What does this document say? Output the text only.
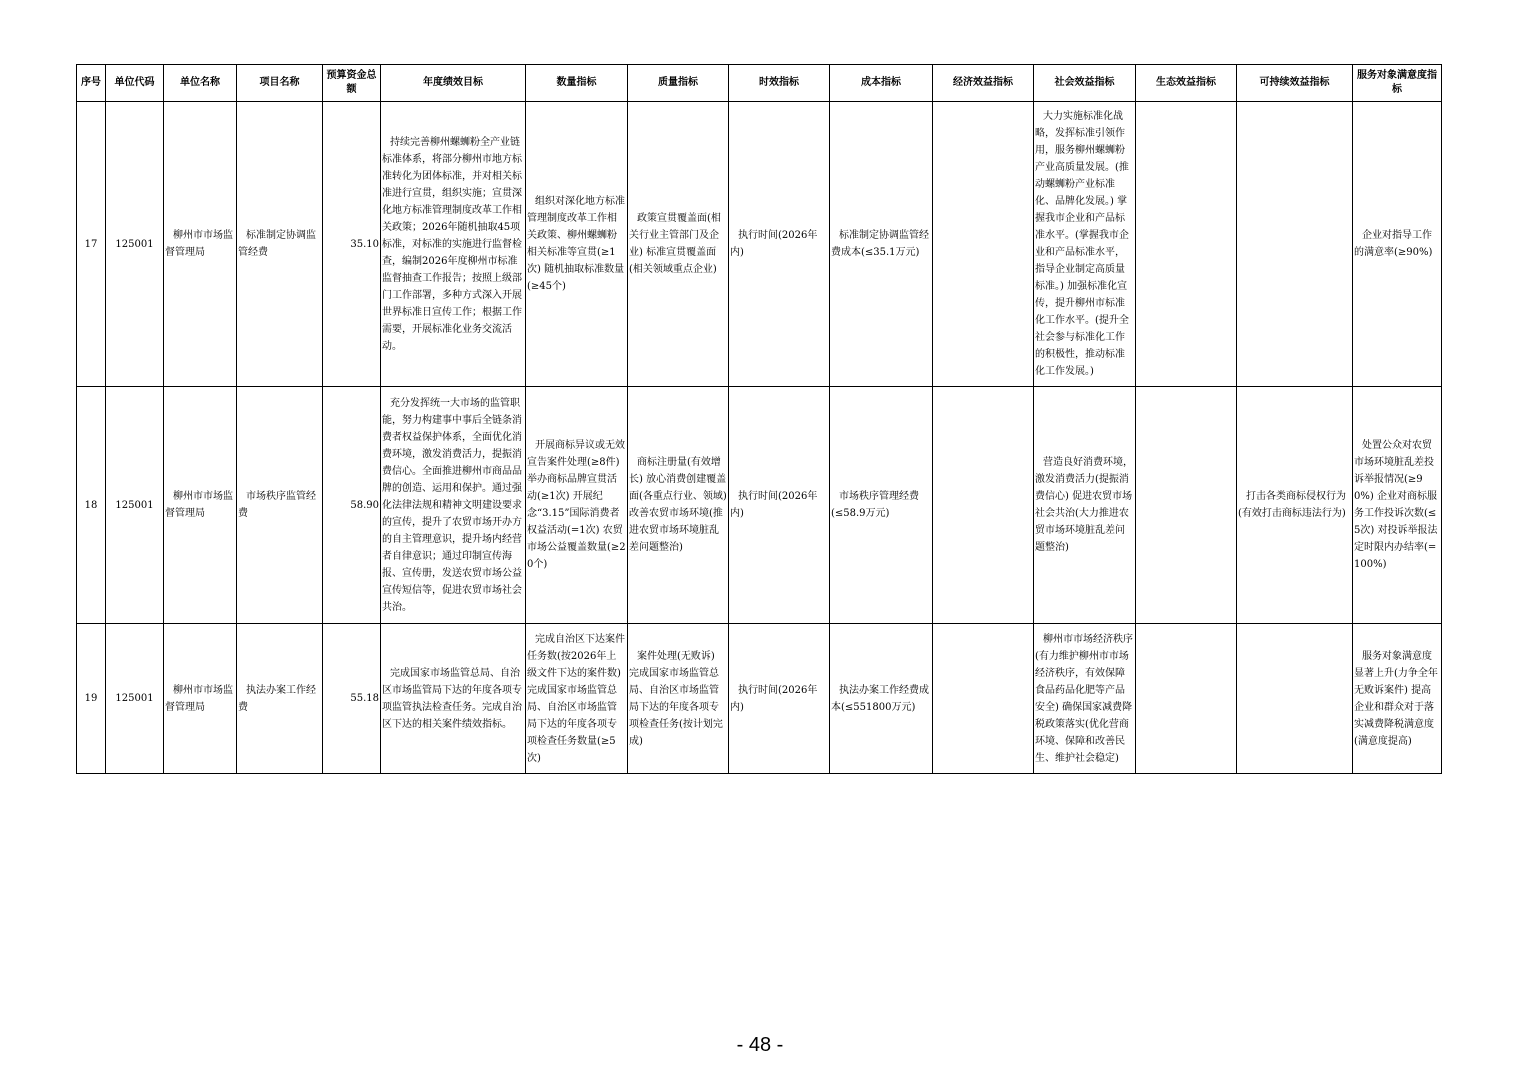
序号	单位代码	单位名称	项目名称	预算资金总额	年度绩效目标	数量指标	质量指标	时效指标	成本指标	经济效益指标	社会效益指标	生态效益指标	可持续效益指标	服务对象满意度指标
17	125001	柳州市市场监督管理局	标准制定协调监管经费	35.10	持续完善柳州螺蛳粉全产业链标准体系，将部分柳州市地方标准转化为团体标准，并对相关标准进行宣贯，组织实施；宣贯深化地方标准管理制度改革工作相关政策；2026年随机抽取45项标准，对标准的实施进行监督检查，编制2026年度柳州市标准监督抽查工作报告；按照上级部门工作部署，多种方式深入开展世界标准日宣传工作；根据工作需要，开展标准化业务交流活动。	组织对深化地方标准管理制度改革工作相关政策、柳州螺蛳粉相关标准等宣贯(≥1次) 随机抽取标准数量(≥45个)	政策宣贯覆盖面(相关行业主管部门及企业) 标准宣贯覆盖面(相关领域重点企业)	执行时间(2026年内)	标准制定协调监管经费成本(≤35.1万元)		大力实施标准化战略，发挥标准引领作用，服务柳州螺蛳粉产业高质量发展。(推动螺蛳粉产业标准化、品牌化发展。) 掌握我市企业和产品标准水平。(掌握我市企业和产品标准水平，指导企业制定高质量标准。) 加强标准化宣传，提升柳州市标准化工作水平。(提升全社会参与标准化工作的积极性，推动标准化工作发展。)			企业对指导工作的满意率(≥90%)
18	125001	柳州市市场监督管理局	市场秩序监管经费	58.90	充分发挥统一大市场的监管职能，努力构建事中事后全链条消费者权益保护体系，全面优化消费环境，激发消费活力，提振消费信心。全面推进柳州市商品品牌的创造、运用和保护。通过强化法律法规和精神文明建设要求的宣传，提升了农贸市场开办方的自主管理意识，提升场内经营者自律意识；通过印制宣传海报、宣传册，发送农贸市场公益宣传短信等，促进农贸市场社会共治。	开展商标异议或无效宣告案件处理(≥8件) 举办商标品牌宣贯活动(≥1次) 开展纪念“3.15”国际消费者权益活动(=1次) 农贸市场公益覆盖数量(≥20个)	商标注册量(有效增长) 放心消费创建覆盖面(各重点行业、领域) 改善农贸市场环境(推进农贸市场环境脏乱差问题整治)	执行时间(2026年内)	市场秩序管理经费(≤58.9万元)		营造良好消费环境，激发消费活力(提振消费信心) 促进农贸市场社会共治(大力推进农贸市场环境脏乱差问题整治)		打击各类商标侵权行为(有效打击商标违法行为)	处置公众对农贸市场环境脏乱差投诉举报情况(≥90%) 企业对商标服务工作投诉次数(≤5次) 对投诉举报法定时限内办结率(=100%)
19	125001	柳州市市场监督管理局	执法办案工作经费	55.18	完成国家市场监管总局、自治区市场监管局下达的年度各项专项监管执法检查任务。完成自治区下达的相关案件绩效指标。	完成自治区下达案件任务数(按2026年上级文件下达的案件数) 完成国家市场监管总局、自治区市场监管局下达的年度各项专项检查任务数量(≥5次)	案件处理(无败诉) 完成国家市场监管总局、自治区市场监管局下达的年度各项专项检查任务(按计划完成)	执行时间(2026年内)	执法办案工作经费成本(≤551800万元)		柳州市市场经济秩序(有力维护柳州市市场经济秩序，有效保障食品药品化肥等产品安全) 确保国家减费降税政策落实(优化营商环境、保障和改善民生、维护社会稳定)			服务对象满意度显著上升(力争全年无败诉案件) 提高企业和群众对于落实减费降税满意度(满意度提高)
- 48 -
